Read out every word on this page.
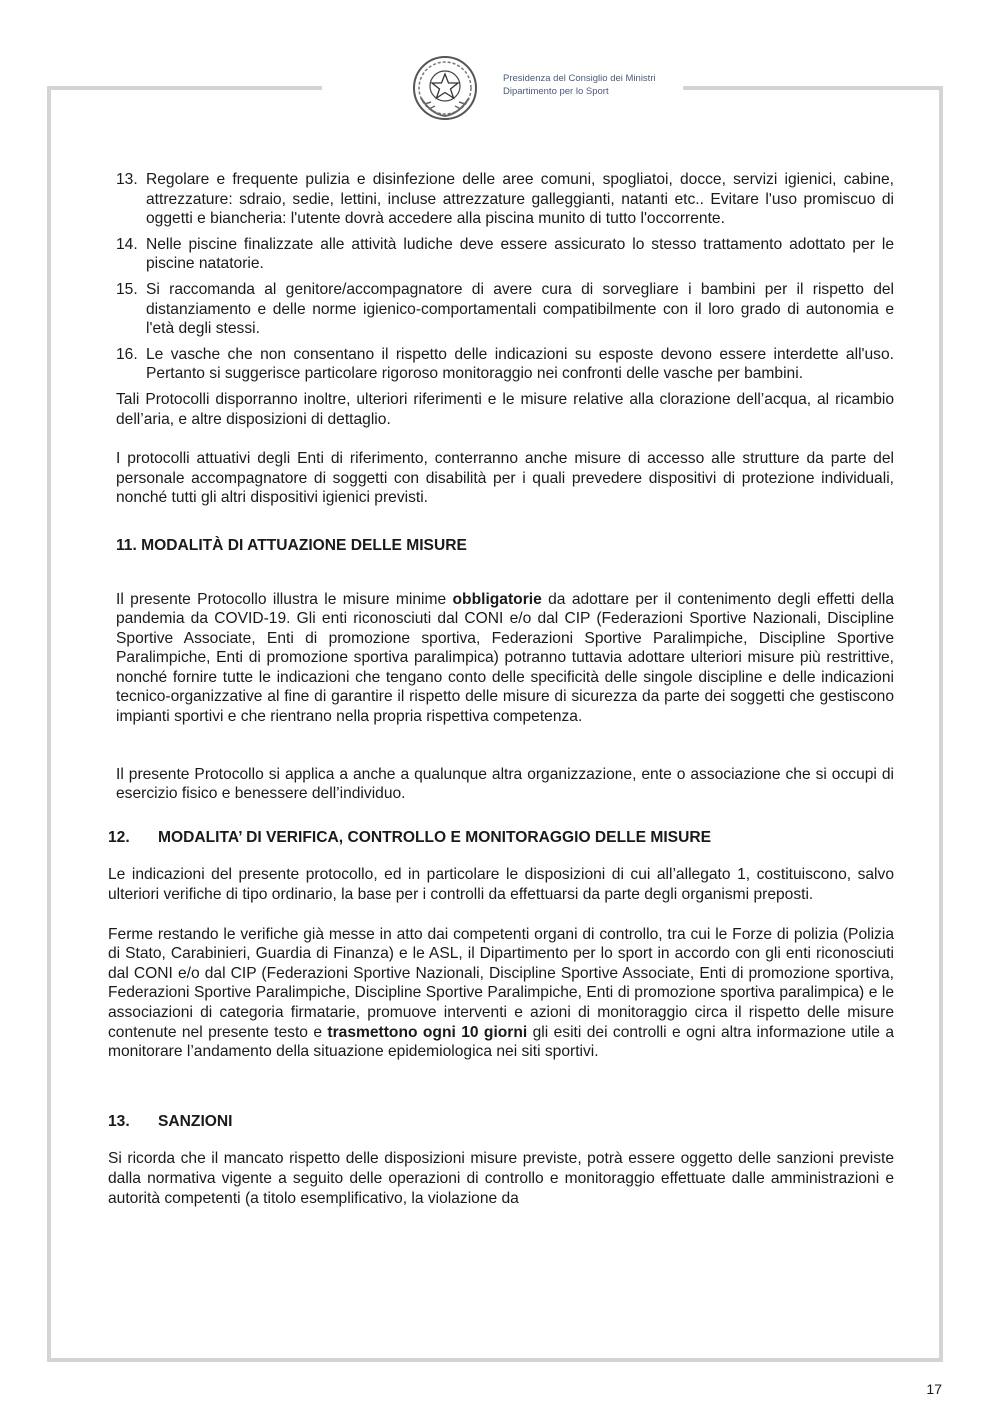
Presidenza del Consiglio dei Ministri
Dipartimento per lo Sport
13. Regolare e frequente pulizia e disinfezione delle aree comuni, spogliatoi, docce, servizi igienici, cabine, attrezzature: sdraio, sedie, lettini, incluse attrezzature galleggianti, natanti etc.. Evitare l'uso promiscuo di oggetti e biancheria: l'utente dovrà accedere alla piscina munito di tutto l'occorrente.
14. Nelle piscine finalizzate alle attività ludiche deve essere assicurato lo stesso trattamento adottato per le piscine natatorie.
15. Si raccomanda al genitore/accompagnatore di avere cura di sorvegliare i bambini per il rispetto del distanziamento e delle norme igienico-comportamentali compatibilmente con il loro grado di autonomia e l'età degli stessi.
16. Le vasche che non consentano il rispetto delle indicazioni su esposte devono essere interdette all'uso. Pertanto si suggerisce particolare rigoroso monitoraggio nei confronti delle vasche per bambini.

Tali Protocolli disporranno inoltre, ulteriori riferimenti e le misure relative alla clorazione dell’acqua, al ricambio dell’aria, e altre disposizioni di dettaglio.

I protocolli attuativi degli Enti di riferimento, conterranno anche misure di accesso alle strutture da parte del personale accompagnatore di soggetti con disabilità per i quali prevedere dispositivi di protezione individuali, nonché tutti gli altri dispositivi igienici previsti.

11. MODALITÀ DI ATTUAZIONE DELLE MISURE

Il presente Protocollo illustra le misure minime obbligatorie da adottare per il contenimento degli effetti della pandemia da COVID-19. Gli enti riconosciuti dal CONI e/o dal CIP (Federazioni Sportive Nazionali, Discipline Sportive Associate, Enti di promozione sportiva, Federazioni Sportive Paralimpiche, Discipline Sportive Paralimpiche, Enti di promozione sportiva paralimpica) potranno tuttavia adottare ulteriori misure più restrittive, nonché fornire tutte le indicazioni che tengano conto delle specificità delle singole discipline e delle indicazioni tecnico-organizzative al fine di garantire il rispetto delle misure di sicurezza da parte dei soggetti che gestiscono impianti sportivi e che rientrano nella propria rispettiva competenza.

Il presente Protocollo si applica a anche a qualunque altra organizzazione, ente o associazione che si occupi di esercizio fisico e benessere dell’individuo.

12.	MODALITA’ DI VERIFICA, CONTROLLO E MONITORAGGIO DELLE MISURE

Le indicazioni del presente protocollo, ed in particolare le disposizioni di cui all’allegato 1, costituiscono, salvo ulteriori verifiche di tipo ordinario, la base per i controlli da effettuarsi da parte degli organismi preposti.

Ferme restando le verifiche già messe in atto dai competenti organi di controllo, tra cui le Forze di polizia (Polizia di Stato, Carabinieri, Guardia di Finanza) e le ASL, il Dipartimento per lo sport in accordo con gli enti riconosciuti dal CONI e/o dal CIP (Federazioni Sportive Nazionali, Discipline Sportive Associate, Enti di promozione sportiva, Federazioni Sportive Paralimpiche, Discipline Sportive Paralimpiche, Enti di promozione sportiva paralimpica) e le associazioni di categoria firmatarie, promuove interventi e azioni di monitoraggio circa il rispetto delle misure contenute nel presente testo e trasmettono ogni 10 giorni gli esiti dei controlli e ogni altra informazione utile a monitorare l’andamento della situazione epidemiologica nei siti sportivi.

13.	SANZIONI

Si ricorda che il mancato rispetto delle disposizioni misure previste, potrà essere oggetto delle sanzioni previste dalla normativa vigente a seguito delle operazioni di controllo e monitoraggio effettuate dalle amministrazioni e autorità competenti (a titolo esemplificativo, la violazione da

17
